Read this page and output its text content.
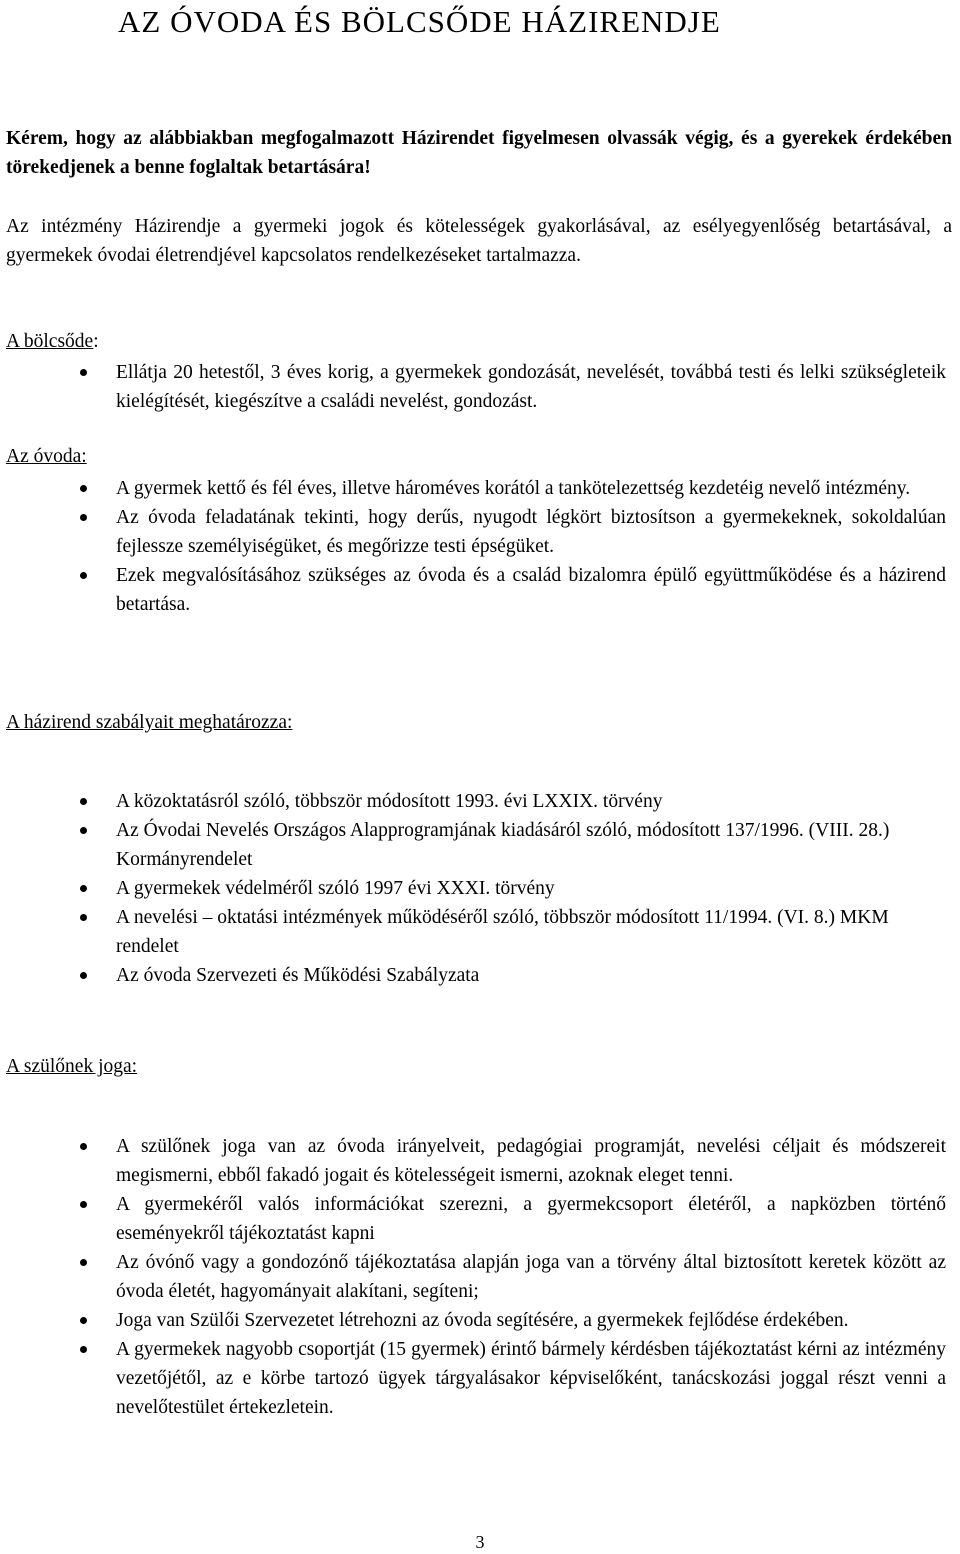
AZ ÓVODA ÉS BÖLCSŐDE HÁZIRENDJE

Kérem, hogy az alábbiakban megfogalmazott Házirendet figyelmesen olvassák végig, és a gyerekek érdekében törekedjenek a benne foglaltak betartására!

Az intézmény Házirendje a gyermeki jogok és kötelességek gyakorlásával, az esélyegyenlőség betartásával, a gyermekek óvodai életrendjével kapcsolatos rendelkezéseket tartalmazza.

A bölcsőde:
Ellátja 20 hetestől, 3 éves korig, a gyermekek gondozását, nevelését, továbbá testi és lelki szükségleteik kielégítését, kiegészítve a családi nevelést, gondozást.
Az óvoda:
A gyermek kettő és fél éves, illetve hároméves korától a tankötelezettség kezdetéig nevelő intézmény.
Az óvoda feladatának tekinti, hogy derűs, nyugodt légkört biztosítson a gyermekeknek, sokoldalúan fejlessze személyiségüket, és megőrizze testi épségüket.
Ezek megvalósításához szükséges az óvoda és a család bizalomra épülő együttműködése és a házirend betartása.
A házirend szabályait meghatározza:
A közoktatásról szóló, többször módosított 1993. évi LXXIX. törvény
Az Óvodai Nevelés Országos Alapprogramjának kiadásáról szóló, módosított 137/1996. (VIII. 28.) Kormányrendelet
A gyermekek védelméről szóló 1997 évi XXXI. törvény
A nevelési – oktatási intézmények működéséről szóló, többször módosított 11/1994. (VI. 8.) MKM rendelet
Az óvoda Szervezeti és Működési Szabályzata
A szülőnek joga:
A szülőnek joga van az óvoda irányelveit, pedagógiai programját, nevelési céljait és módszereit megismerni, ebből fakadó jogait és kötelességeit ismerni, azoknak eleget tenni.
A gyermekéről valós információkat szerezni, a gyermekcsoport életéről, a napközben történő eseményekről tájékoztatást kapni
Az óvónő vagy a gondozónő tájékoztatása alapján joga van a törvény által biztosított keretek között az óvoda életét, hagyományait alakítani, segíteni;
Joga van Szülői Szervezetet létrehozni az óvoda segítésére, a gyermekek fejlődése érdekében.
A gyermekek nagyobb csoportját (15 gyermek) érintő bármely kérdésben tájékoztatást kérni az intézmény vezetőjétől, az e körbe tartozó ügyek tárgyalásakor képviselőként, tanácskozási joggal részt venni a nevelőtestület értekezletein.
3
